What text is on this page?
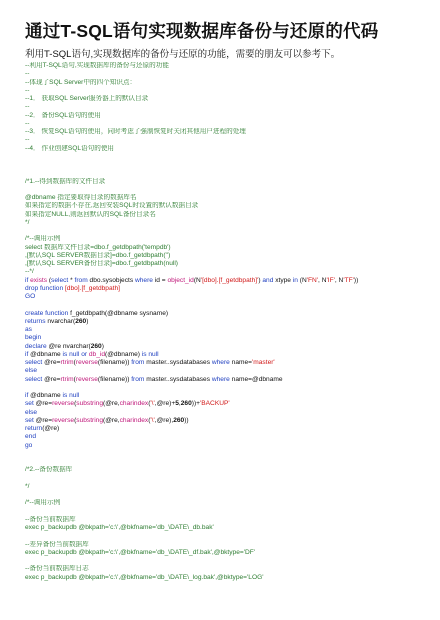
通过T-SQL语句实现数据库备份与还原的代码
利用T-SQL语句,实现数据库的备份与还原的功能，需要的朋友可以参考下。
--利用T-SQL语句,实现数据库的备份与还原的功能
--
--体现了SQL Server中的四个知识点：
--
--1． 获取SQL Server服务器上的默认目录
--
--2． 备份SQL语句的使用
--
--3． 恢复SQL语句的使用，同时考虑了强制恢复时关闭其他用户进程的处理
--
--4． 作业创建SQL语句的使用
/*1.--得到数据库的文件目录
@dbname 指定要取得目录的数据库名
如果指定的数据不存在,返回安装SQL时设置的默认数据目录
如果指定NULL,则返回默认的SQL备份目录名
*/
/*--调用示例
select 数据库文件目录=dbo.f_getdbpath('tempdb')
,[默认SQL SERVER数据目录]=dbo.f_getdbpath('')
,[默认SQL SERVER备份目录]=dbo.f_getdbpath(null)
--*/
if exists (select * from dbo.sysobjects where id = object_id(N'[dbo].[f_getdbpath]') and xtype in (N'FN', N'IF', N'TF'))
drop function [dbo].[f_getdbpath]
GO
create function f_getdbpath(@dbname sysname)
returns nvarchar(260)
as
begin
declare @re nvarchar(260)
if @dbname is null or db_id(@dbname) is null
select @re=rtrim(reverse(filename)) from master..sysdatabases where name='master'
else
select @re=rtrim(reverse(filename)) from master..sysdatabases where name=@dbname
if @dbname is null
set @re=reverse(substring(@re,charindex('\',@re)+5,260))+'BACKUP'
else
set @re=reverse(substring(@re,charindex('\',@re),260))
return(@re)
end
go
/*2.--备份数据库
*/
/*--调用示例
--备份当前数据库
exec p_backupdb @bkpath='c:\',@bkfname='db_\DATE\_db.bak'
--差异备份当前数据库
exec p_backupdb @bkpath='c:\',@bkfname='db_\DATE\_df.bak',@bktype='DF'
--备份当前数据库日志
exec p_backupdb @bkpath='c:\',@bkfname='db_\DATE\_log.bak',@bktype='LOG'
